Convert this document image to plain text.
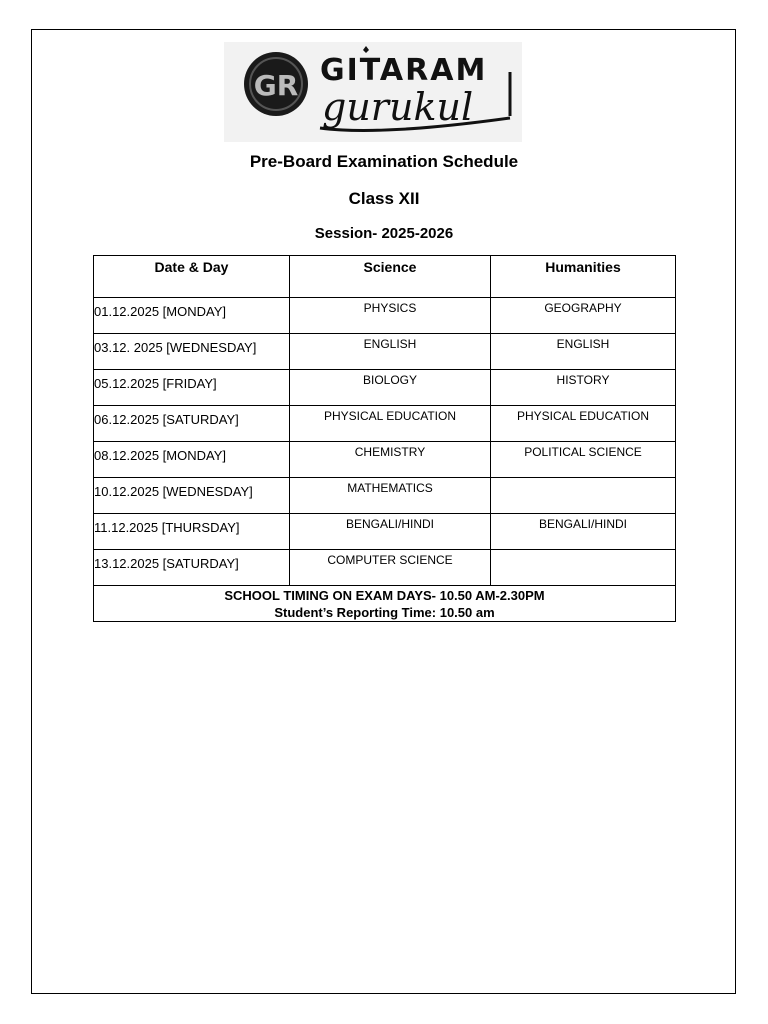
GR GITARAM
gurukul
Pre-Board Examination Schedule
Class XII
Session- 2025-2026
Date & Day	Science	Humanities
01.12.2025 [MONDAY]	PHYSICS	GEOGRAPHY
03.12. 2025 [WEDNESDAY]	ENGLISH	ENGLISH
05.12.2025 [FRIDAY]	BIOLOGY	HISTORY
06.12.2025 [SATURDAY]	PHYSICAL EDUCATION	PHYSICAL EDUCATION
08.12.2025 [MONDAY]	CHEMISTRY	POLITICAL SCIENCE
10.12.2025 [WEDNESDAY]	MATHEMATICS	
11.12.2025 [THURSDAY]	BENGALI/HINDI	BENGALI/HINDI
13.12.2025 [SATURDAY]	COMPUTER SCIENCE	

SCHOOL TIMING ON EXAM DAYS- 10.50 AM-2.30PM
Student’s Reporting Time: 10.50 am		
